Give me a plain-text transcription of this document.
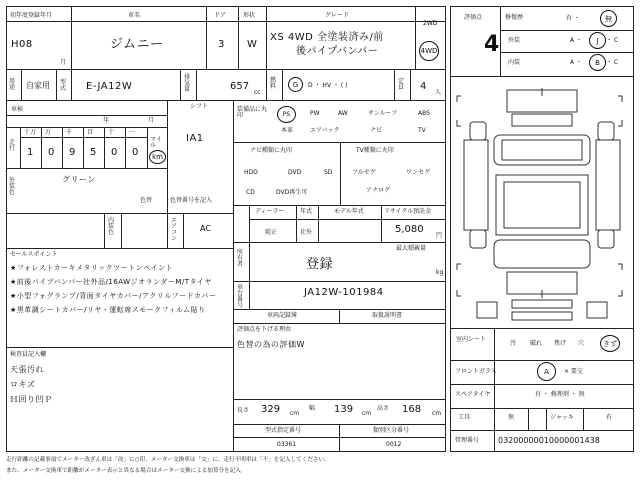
初年度登録年月
H08
月
車名
ジムニー
ドア
3
形状
W
グレード
XS 4WD 全塗装済み/前
後パイプバンパー
2WD
4WD
用途 自家用 型式 E-JA12W
排気量	657
cc
燃料 G D ・ HV ・ ( )
定員 4
人
車検
年	月
十万
1
万
0
千
9
百
5
十
0
一
0
走行
マイル
km
シフト
IA1
外装色
グリーン
色替	色替番号を記入
内装色
エアコン
AC
セールスポイント
★フォレストカーキメタリックツートンペイント
★前後パイプバンパー社外品/16AWジオランダーM/Tタイヤ
★小型フォグランプ/背面タイヤカバー/アクリルフードカバー
★黒革調シートカバー/リヤ・運転席スモークフィルム貼り
検査員記入欄
天張汚れ
ロキズ
Ｈ回り凹Ｐ
装備品に丸印	PS	PW	AW	サンルーフ	ABS
本革	エアバック	ナビ	TV
ナビ種類に丸印
HDD	DVD	SD
CD	DVD再生可
TV種類に丸印
フルセグ	ワンセグ
アナログ
ディーラー	年式	モデル年式	リサイクル預託金
純正	社外	5,080
円
所有者	登録
最大積載量
kg
車台番号
JA12W-101984
車両記録簿	取扱説明書
評価点を下げる理由
色替の為の評価W
長さ 329 cm
幅 139 cm
高さ 168 cm
型式指定番号
03361
類別区分番号
0012
評価点
4
修復歴	有 ・	無
外装	A ・ J ・ C
内装	A ・ B ・ C
室内シート
汚 破れ 焦げ 穴	きず
フロントガラス	A	× 要交
スペアタイヤ	有 ・ 修理剤 ・ 無
工具	無	ジャッキ	有
管理番号 03200000010000001438
走行距離の記載事項でメーター改ざん車は「改」に○印、メーター交換車は「交」に、走行不明車は「不」を記入してください。
また、メーター交換車で距離がメーター表示と異なる場合はメーター交換による加算分を記入
